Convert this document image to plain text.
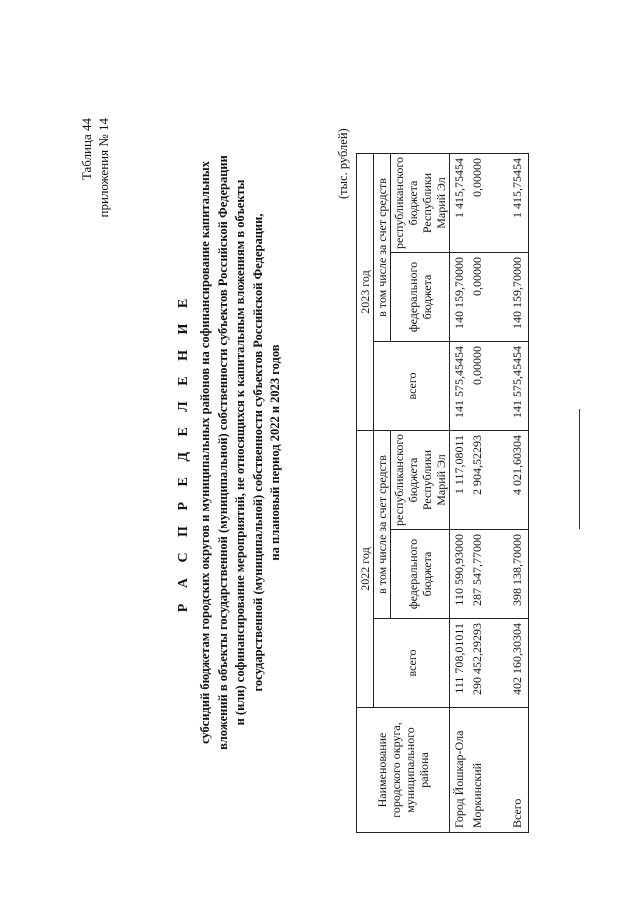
Таблица 44 приложения № 14
Р А С П Р Е Д Е Л Е Н И Е субсидий бюджетам городских округов и муниципальных районов на софинансирование капитальных вложений в объекты государственной (муниципальной) собственности субъектов Российской Федерации и (или) софинансирование мероприятий, не относящихся к капитальным вложениям в объекты государственной (муниципальной) собственности субъектов Российской Федерации, на плановый период 2022 и 2023 годов
(тыс. рублей)
Наименование городского округа, муниципального района	2022 год			2023 год		
	всего	в том числе за счет средств		всего	в том числе за счет средств	
		федерального бюджета	республиканского бюджета Республики Марий Эл		федерального бюджета	республиканского бюджета Республики Марий Эл
Город Йошкар-Ола	111 708,01011	110 590,93000	1 117,08011	141 575,45454	140 159,70000	1 415,75454
Моркинский	290 452,29293	287 547,77000	2 904,52293	0,00000	0,00000	0,00000

Всего	402 160,30304	398 138,70000	4 021,60304	141 575,45454	140 159,70000	1 415,75454
